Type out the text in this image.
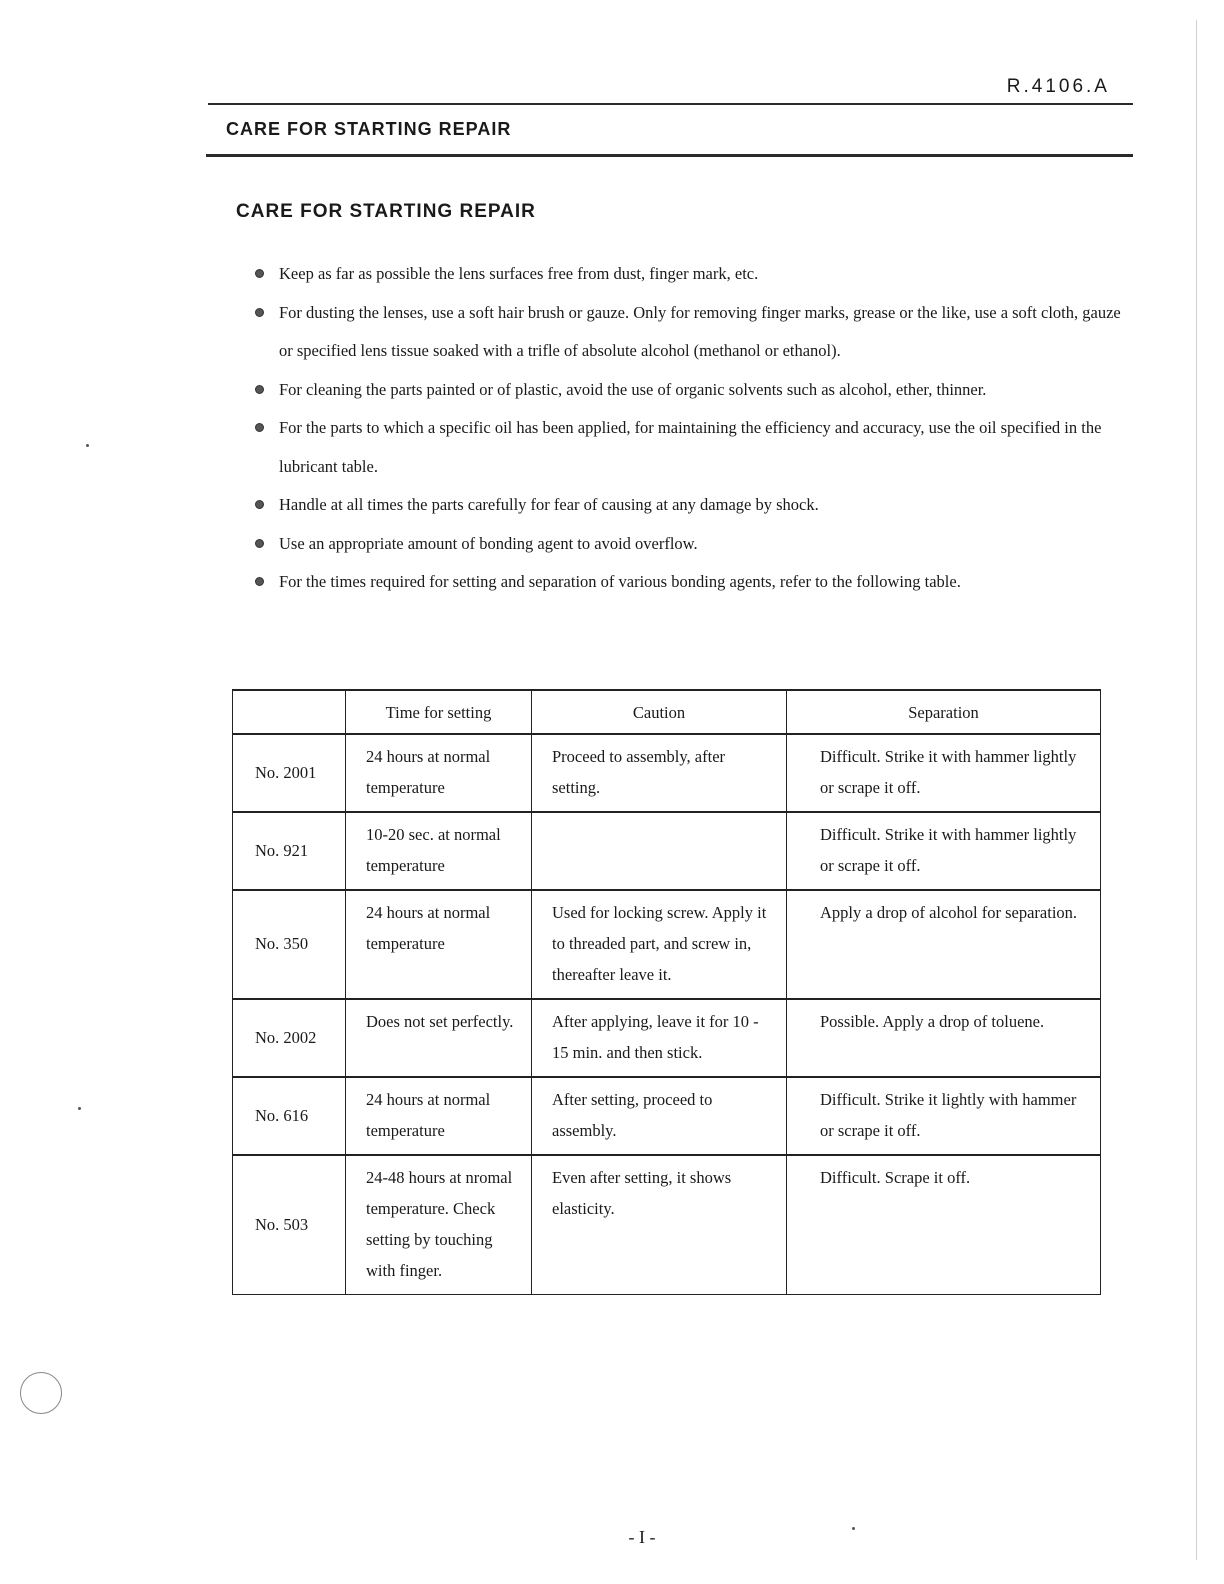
R.4106.A
CARE FOR STARTING REPAIR
CARE FOR STARTING REPAIR
Keep as far as possible the lens surfaces free from dust, finger mark, etc.
For dusting the lenses, use a soft hair brush or gauze. Only for removing finger marks, grease or the like, use a soft cloth, gauze or specified lens tissue soaked with a trifle of absolute alcohol (methanol or ethanol).
For cleaning the parts painted or of plastic, avoid the use of organic solvents such as alcohol, ether, thinner.
For the parts to which a specific oil has been applied, for maintaining the efficiency and accuracy, use the oil specified in the lubricant table.
Handle at all times the parts carefully for fear of causing at any damage by shock.
Use an appropriate amount of bonding agent to avoid overflow.
For the times required for setting and separation of various bonding agents, refer to the following table.
	Time for setting	Caution	Separation
No. 2001	24 hours at normal temperature	Proceed to assembly, after setting.	Difficult. Strike it with hammer lightly or scrape it off.
No. 921	10-20 sec. at normal temperature		Difficult. Strike it with hammer lightly or scrape it off.
No. 350	24 hours at normal temperature	Used for locking screw. Apply it to threaded part, and screw in, thereafter leave it.	Apply a drop of alcohol for separation.
No. 2002	Does not set perfectly.	After applying, leave it for 10 - 15 min. and then stick.	Possible. Apply a drop of toluene.
No. 616	24 hours at normal temperature	After setting, proceed to assembly.	Difficult. Strike it lightly with hammer or scrape it off.
No. 503	24-48 hours at nromal temperature. Check setting by touching with finger.	Even after setting, it shows elasticity.	Difficult. Scrape it off.
- I -
